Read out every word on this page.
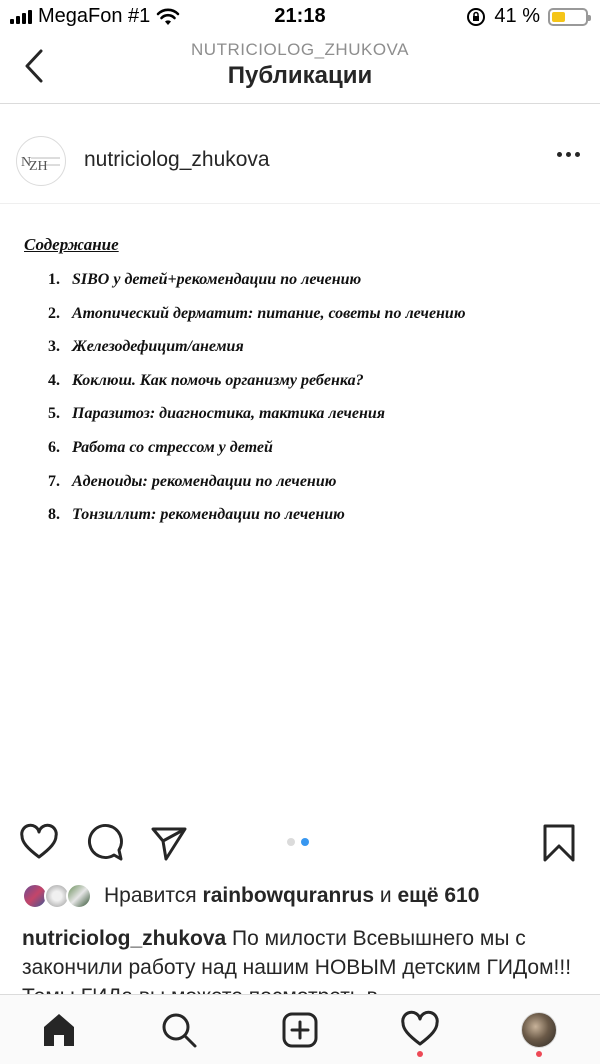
MegaFon #1	21:18	41 %
NUTRICIOLOG_ZHUKOVA
Публикации
N
ZH nutriciolog_zhukova
Содержание
1. SIBO у детей+рекомендации по лечению
2. Атопический дерматит: питание, советы по лечению
3. Железодефицит/анемия
4. Коклюш. Как помочь организму ребенка?
5. Паразитоз: диагностика, тактика лечения
6. Работа со стрессом у детей
7. Аденоиды: рекомендации по лечению
8. Тонзиллит: рекомендации по лечению
Нравится
rainbowquranrus
и
ещё 610
nutriciolog_zhukova По милости Всевышнего мы с закончили работу над нашим НОВЫМ детским ГИДом!!!
